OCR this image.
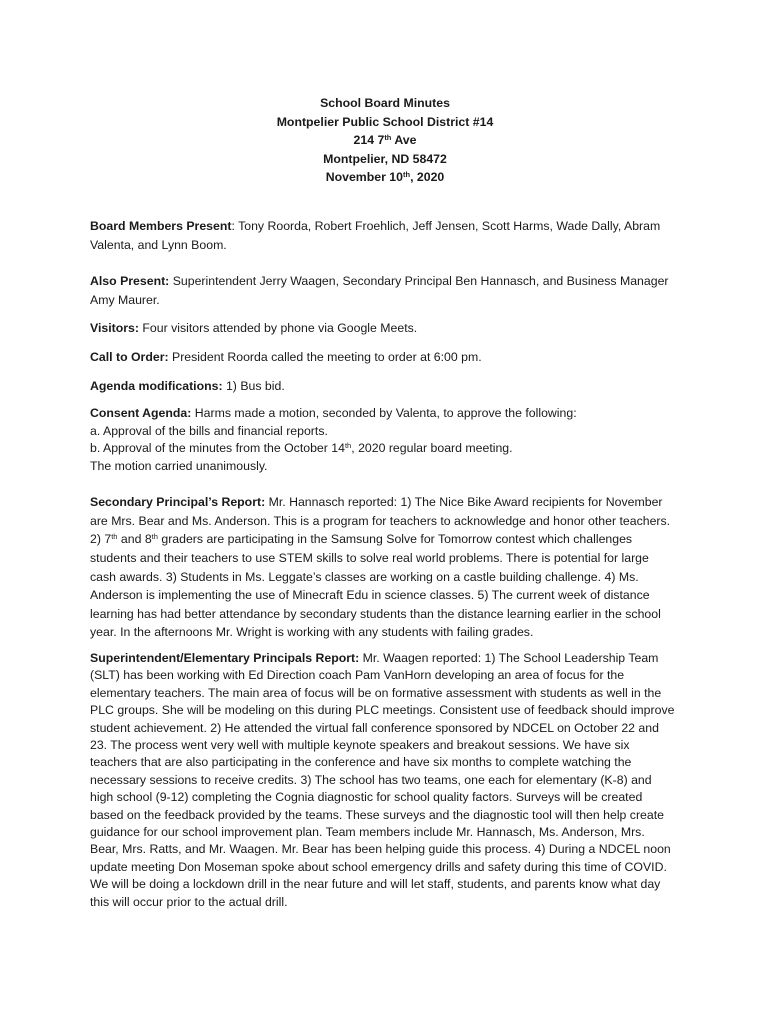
School Board Minutes
Montpelier Public School District #14
214 7th Ave
Montpelier, ND 58472
November 10th, 2020

Board Members Present: Tony Roorda, Robert Froehlich, Jeff Jensen, Scott Harms, Wade Dally, Abram Valenta, and Lynn Boom.

Also Present: Superintendent Jerry Waagen, Secondary Principal Ben Hannasch, and Business Manager Amy Maurer.

Visitors: Four visitors attended by phone via Google Meets.

Call to Order: President Roorda called the meeting to order at 6:00 pm.

Agenda modifications: 1) Bus bid.

Consent Agenda: Harms made a motion, seconded by Valenta, to approve the following:
a. Approval of the bills and financial reports.
b. Approval of the minutes from the October 14th, 2020 regular board meeting.
The motion carried unanimously.

Secondary Principal’s Report: Mr. Hannasch reported: 1) The Nice Bike Award recipients for November are Mrs. Bear and Ms. Anderson. This is a program for teachers to acknowledge and honor other teachers. 2) 7th and 8th graders are participating in the Samsung Solve for Tomorrow contest which challenges students and their teachers to use STEM skills to solve real world problems. There is potential for large cash awards. 3) Students in Ms. Leggate’s classes are working on a castle building challenge. 4) Ms. Anderson is implementing the use of Minecraft Edu in science classes. 5) The current week of distance learning has had better attendance by secondary students than the distance learning earlier in the school year. In the afternoons Mr. Wright is working with any students with failing grades.

Superintendent/Elementary Principals Report: Mr. Waagen reported: 1) The School Leadership Team (SLT) has been working with Ed Direction coach Pam VanHorn developing an area of focus for the elementary teachers. The main area of focus will be on formative assessment with students as well in the PLC groups. She will be modeling on this during PLC meetings. Consistent use of feedback should improve student achievement. 2) He attended the virtual fall conference sponsored by NDCEL on October 22 and 23. The process went very well with multiple keynote speakers and breakout sessions. We have six teachers that are also participating in the conference and have six months to complete watching the necessary sessions to receive credits. 3) The school has two teams, one each for elementary (K-8) and high school (9-12) completing the Cognia diagnostic for school quality factors. Surveys will be created based on the feedback provided by the teams. These surveys and the diagnostic tool will then help create guidance for our school improvement plan. Team members include Mr. Hannasch, Ms. Anderson, Mrs. Bear, Mrs. Ratts, and Mr. Waagen. Mr. Bear has been helping guide this process. 4) During a NDCEL noon update meeting Don Moseman spoke about school emergency drills and safety during this time of COVID. We will be doing a lockdown drill in the near future and will let staff, students, and parents know what day this will occur prior to the actual drill.
